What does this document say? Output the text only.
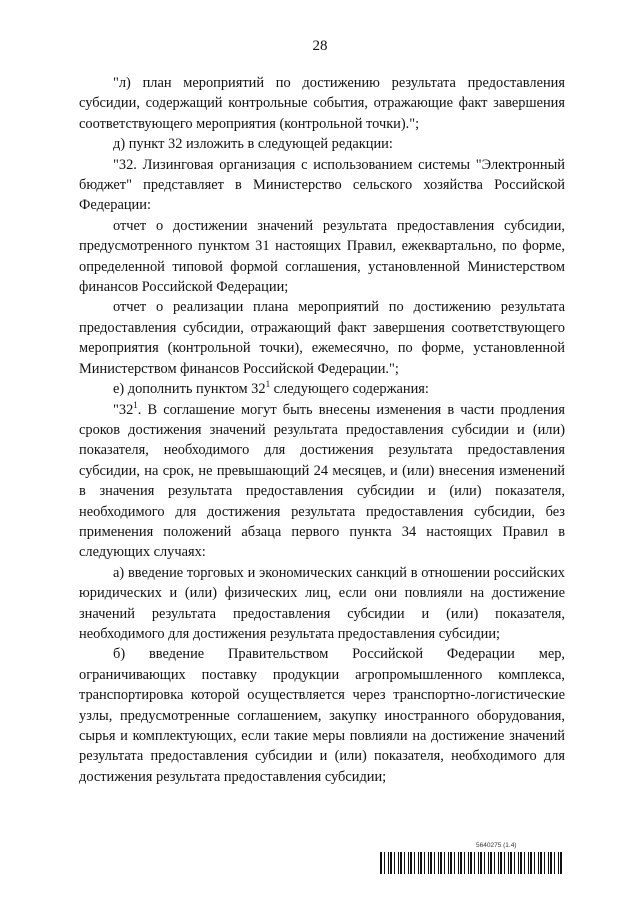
28

"л) план мероприятий по достижению результата предоставления субсидии, содержащий контрольные события, отражающие факт завершения соответствующего мероприятия (контрольной точки).";

д) пункт 32 изложить в следующей редакции:

"32. Лизинговая организация с использованием системы "Электронный бюджет" представляет в Министерство сельского хозяйства Российской Федерации:

отчет о достижении значений результата предоставления субсидии, предусмотренного пунктом 31 настоящих Правил, ежеквартально, по форме, определенной типовой формой соглашения, установленной Министерством финансов Российской Федерации;

отчет о реализации плана мероприятий по достижению результата предоставления субсидии, отражающий факт завершения соответствующего мероприятия (контрольной точки), ежемесячно, по форме, установленной Министерством финансов Российской Федерации.";

е) дополнить пунктом $32^1$ следующего содержания:

"$32^1$. В соглашение могут быть внесены изменения в части продления сроков достижения значений результата предоставления субсидии и (или) показателя, необходимого для достижения результата предоставления субсидии, на срок, не превышающий 24 месяцев, и (или) внесения изменений в значения результата предоставления субсидии и (или) показателя, необходимого для достижения результата предоставления субсидии, без применения положений абзаца первого пункта 34 настоящих Правил в следующих случаях:

а) введение торговых и экономических санкций в отношении российских юридических и (или) физических лиц, если они повлияли на достижение значений результата предоставления субсидии и (или) показателя, необходимого для достижения результата предоставления субсидии;

б) введение Правительством Российской Федерации мер, ограничивающих поставку продукции агропромышленного комплекса, транспортировка которой осуществляется через транспортно-логистические узлы, предусмотренные соглашением, закупку иностранного оборудования, сырья и комплектующих, если такие меры повлияли на достижение значений результата предоставления субсидии и (или) показателя, необходимого для достижения результата предоставления субсидии;

5640275 (1.4)
